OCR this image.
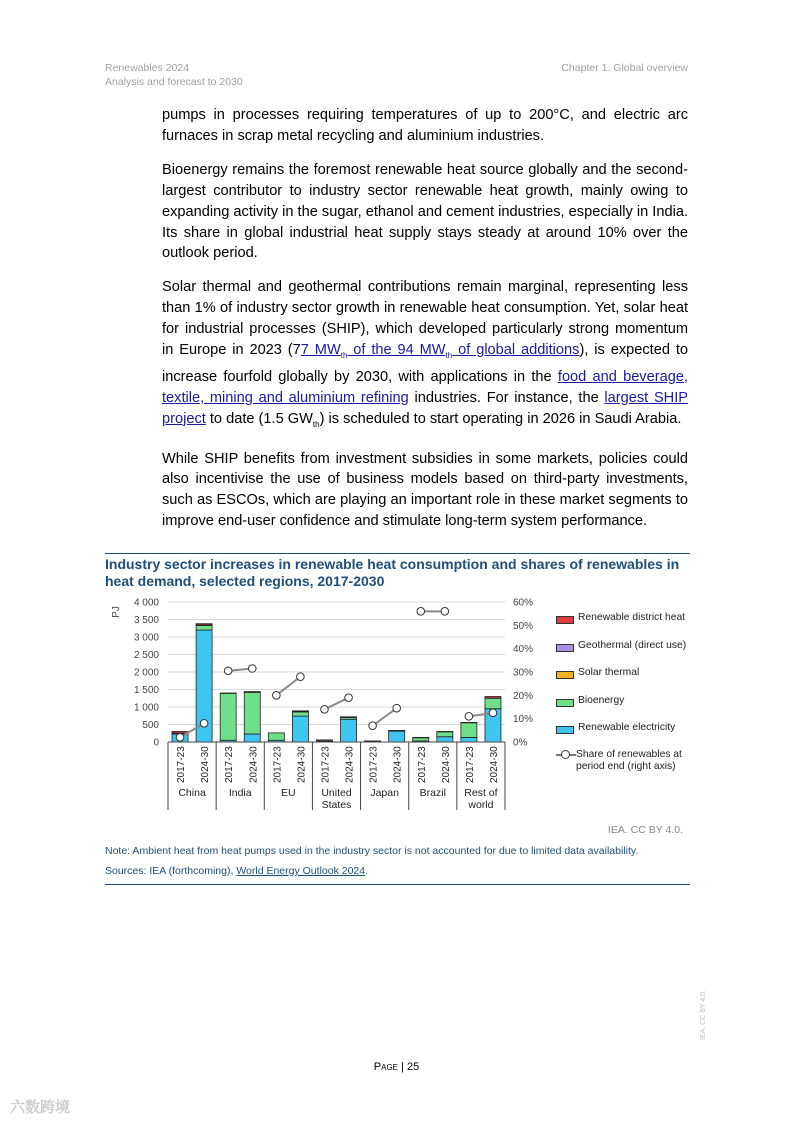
Renewables 2024
Analysis and forecast to 2030
Chapter 1. Global overview

pumps in processes requiring temperatures of up to 200°C, and electric arc furnaces in scrap metal recycling and aluminium industries.

Bioenergy remains the foremost renewable heat source globally and the second-largest contributor to industry sector renewable heat growth, mainly owing to expanding activity in the sugar, ethanol and cement industries, especially in India. Its share in global industrial heat supply stays steady at around 10% over the outlook period.

Solar thermal and geothermal contributions remain marginal, representing less than 1% of industry sector growth in renewable heat consumption. Yet, solar heat for industrial processes (SHIP), which developed particularly strong momentum in Europe in 2023 (77 $MW_{th}$ of the 94 $MW_{th}$ of global additions), is expected to increase fourfold globally by 2030, with applications in the food and beverage, textile, mining and aluminium refining industries. For instance, the largest SHIP project to date (1.5 $GW_{th}$) is scheduled to start operating in 2026 in Saudi Arabia.

While SHIP benefits from investment subsidies in some markets, policies could also incentivise the use of business models based on third-party investments, such as ESCOs, which are playing an important role in these market segments to improve end-user confidence and stimulate long-term system performance.

Industry sector increases in renewable heat consumption and shares of renewables in heat demand, selected regions, 2017-2030
0
500
1 000
1 500
2 000
2 500
3 000
3 500
4 000
0%
10%
20%
30%
40%
50%
60%
PJ
2017-23 2024-30 2017-23 2024-30 2017-23 2024-30 2017-23 2024-30 2017-23 2024-30 2017-23 2024-30 2017-23 2024-30
China India	EU United
States
Japan Brazil Rest of
world
Renewable district heat
Geothermal (direct use)
Solar thermal
Bioenergy
Renewable electricity
Share of renewables at period end (right axis)
IEA. CC BY 4.0.
Note: Ambient heat from heat pumps used in the industry sector is not accounted for due to limited data availability.
Sources: IEA (forthcoming), World Energy Outlook 2024.
Page | 25
IEA. CC BY 4.0.
六数跨境
